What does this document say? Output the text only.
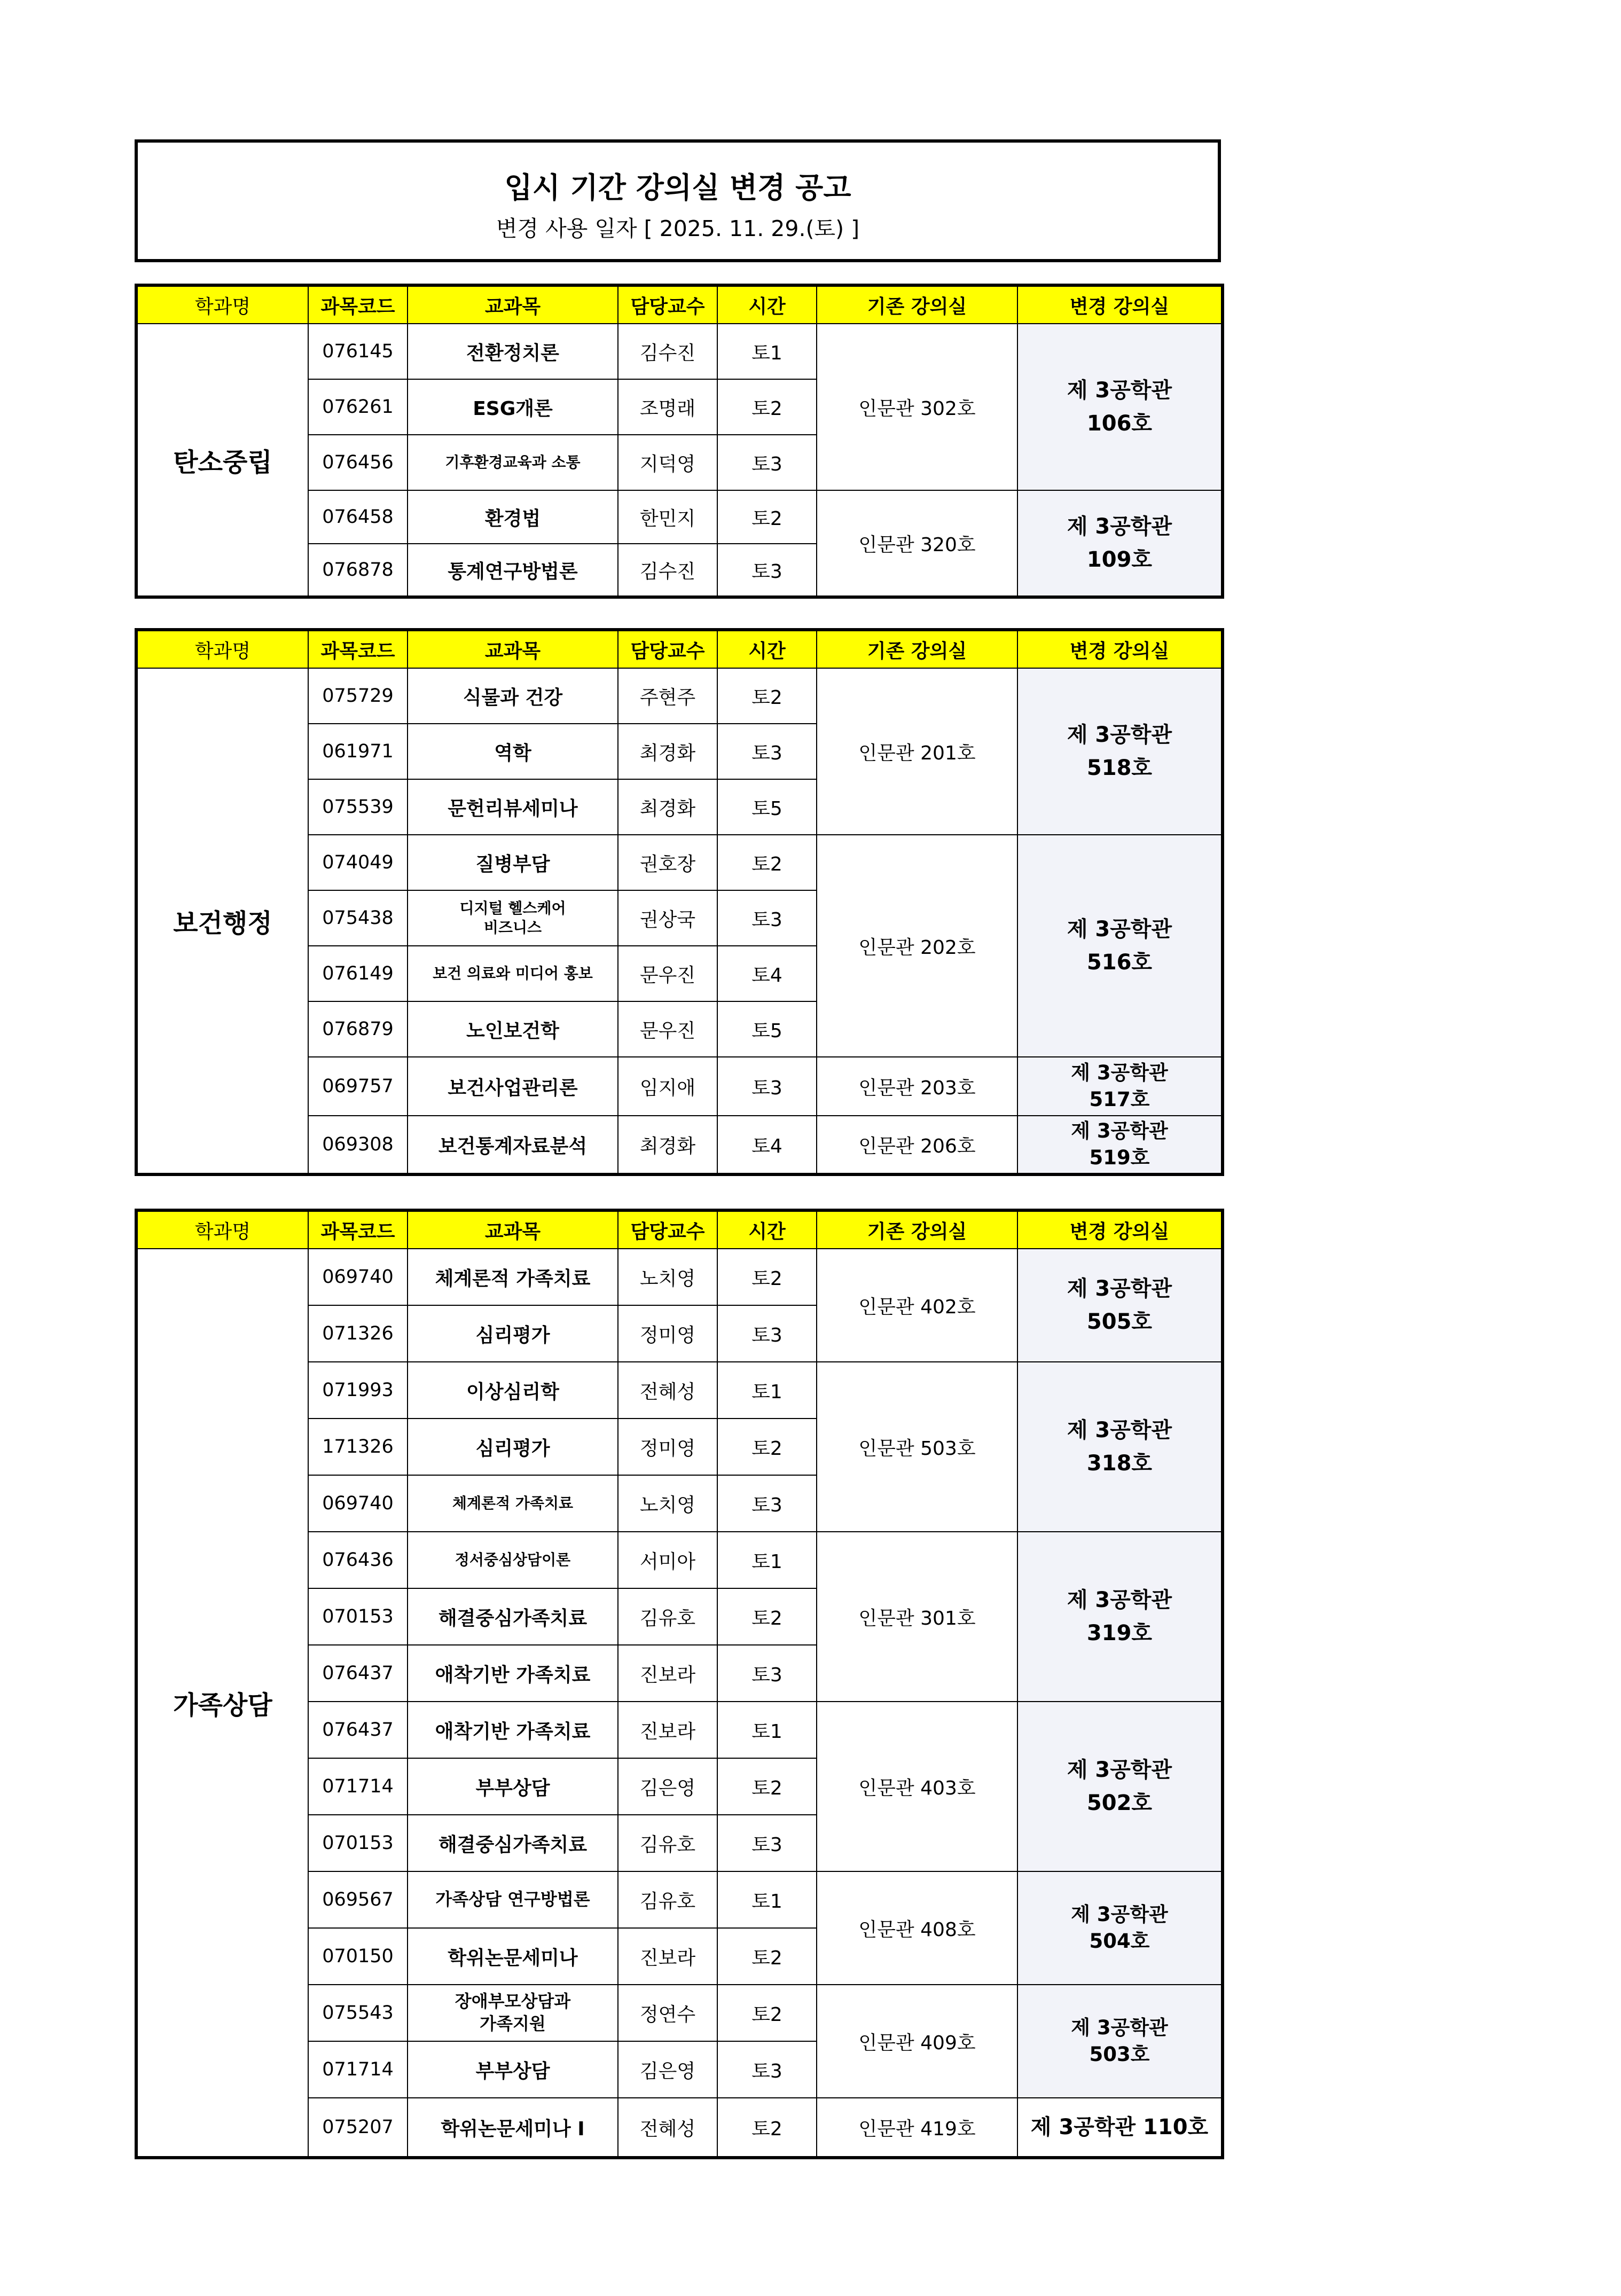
입시 기간 강의실 변경 공고
변경 사용 일자 [ 2025. 11. 29.(토) ]
학과명	과목코드	교과목	담당교수	시간	기존 강의실	변경 강의실
탄소중립	076145	전환정치론	김수진	토1	인문관 302호	제 3공학관
106호
	076261	ESG개론	조명래	토2		
	076456	기후환경교육과 소통	지덕영	토3		
	076458	환경법	한민지	토2	인문관 320호	제 3공학관
109호
	076878	통계연구방법론	김수진	토3		
학과명	과목코드	교과목	담당교수	시간	기존 강의실	변경 강의실
보건행정	075729	식물과 건강	주현주	토2	인문관 201호	제 3공학관
518호
	061971	역학	최경화	토3		
	075539	문헌리뷰세미나	최경화	토5		
	074049	질병부담	권호장	토2	인문관 202호	제 3공학관
516호
	075438	디지털 헬스케어
비즈니스	권상국	토3		
	076149	보건 의료와 미디어 홍보	문우진	토4		
	076879	노인보건학	문우진	토5		
	069757	보건사업관리론	임지애	토3	인문관 203호	제 3공학관
517호
	069308	보건통계자료분석	최경화	토4	인문관 206호	제 3공학관
519호
학과명	과목코드	교과목	담당교수	시간	기존 강의실	변경 강의실
가족상담	069740	체계론적 가족치료	노치영	토2	인문관 402호	제 3공학관
505호
	071326	심리평가	정미영	토3		
	071993	이상심리학	전혜성	토1	인문관 503호	제 3공학관
318호
	171326	심리평가	정미영	토2		
	069740	체계론적 가족치료	노치영	토3		
	076436	정서중심상담이론	서미아	토1	인문관 301호	제 3공학관
319호
	070153	해결중심가족치료	김유호	토2		
	076437	애착기반 가족치료	진보라	토3		
	076437	애착기반 가족치료	진보라	토1	인문관 403호	제 3공학관
502호
	071714	부부상담	김은영	토2		
	070153	해결중심가족치료	김유호	토3		
	069567	가족상담 연구방법론	김유호	토1	인문관 408호	제 3공학관
504호
	070150	학위논문세미나	진보라	토2		
	075543	장애부모상담과
가족지원	정연수	토2	인문관 409호	제 3공학관
503호
	071714	부부상담	김은영	토3		
	075207	학위논문세미나 I	전혜성	토2	인문관 419호	제 3공학관 110호
